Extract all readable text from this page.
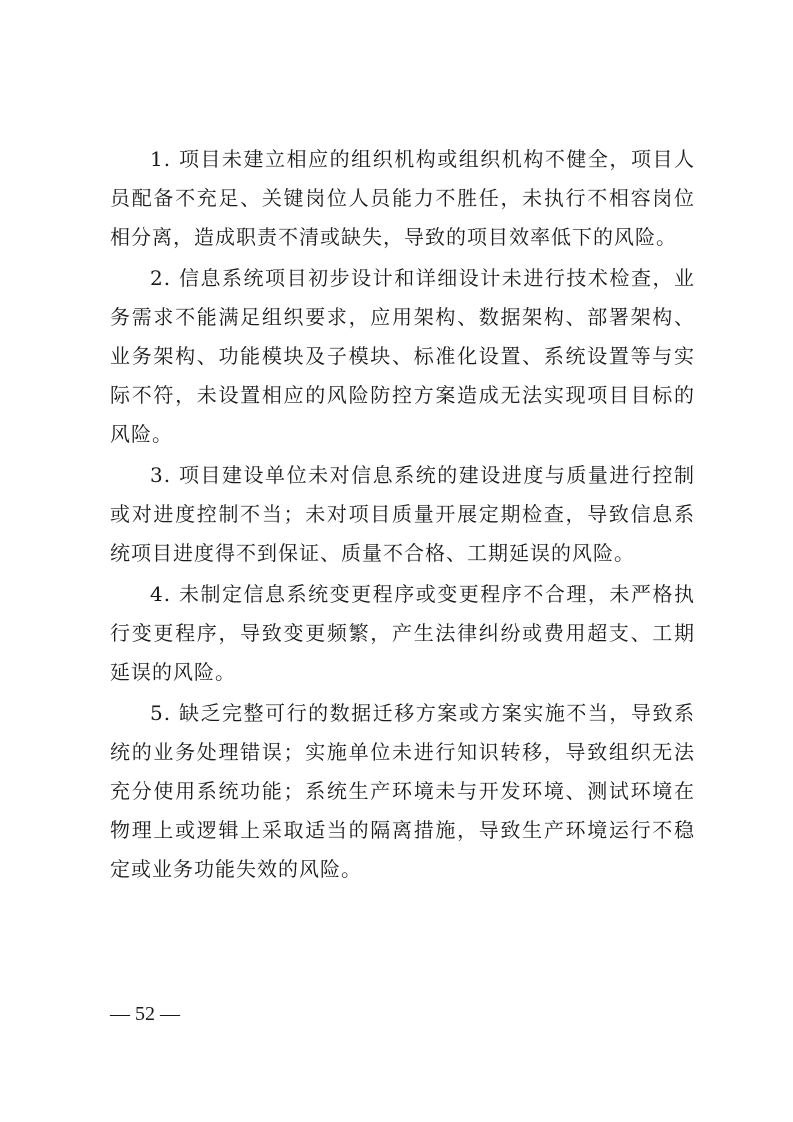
1. 项目未建立相应的组织机构或组织机构不健全，项目人员配备不充足、关键岗位人员能力不胜任，未执行不相容岗位相分离，造成职责不清或缺失，导致的项目效率低下的风险。

2. 信息系统项目初步设计和详细设计未进行技术检查，业务需求不能满足组织要求，应用架构、数据架构、部署架构、业务架构、功能模块及子模块、标准化设置、系统设置等与实际不符，未设置相应的风险防控方案造成无法实现项目目标的风险。

3. 项目建设单位未对信息系统的建设进度与质量进行控制或对进度控制不当；未对项目质量开展定期检查，导致信息系统项目进度得不到保证、质量不合格、工期延误的风险。

4. 未制定信息系统变更程序或变更程序不合理，未严格执行变更程序，导致变更频繁，产生法律纠纷或费用超支、工期延误的风险。

5. 缺乏完整可行的数据迁移方案或方案实施不当，导致系统的业务处理错误；实施单位未进行知识转移，导致组织无法充分使用系统功能；系统生产环境未与开发环境、测试环境在物理上或逻辑上采取适当的隔离措施，导致生产环境运行不稳定或业务功能失效的风险。

— 52 —
